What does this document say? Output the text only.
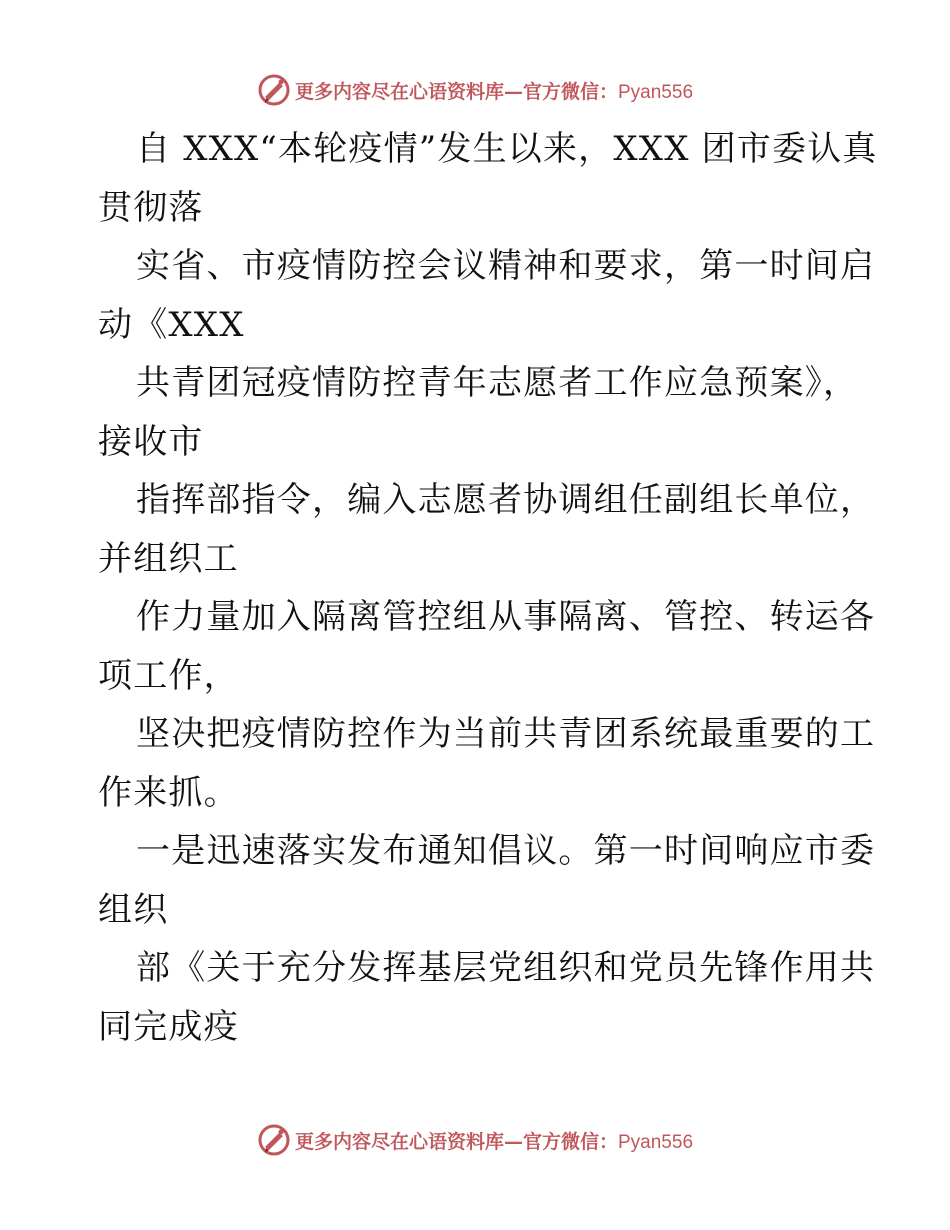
更多内容尽在心语资料库—官方微信：Pyan556
自 XXX“本轮疫情”发生以来，XXX 团市委认真
贯彻落
实省、市疫情防控会议精神和要求，第一时间启
动《XXX
共青团冠疫情防控青年志愿者工作应急预案》，
接收市
指挥部指令，编入志愿者协调组任副组长单位，
并组织工
作力量加入隔离管控组从事隔离、管控、转运各
项工作，
坚决把疫情防控作为当前共青团系统最重要的工
作来抓。
一是迅速落实发布通知倡议。第一时间响应市委
组织
部《关于充分发挥基层党组织和党员先锋作用共
同完成疫
更多内容尽在心语资料库—官方微信：Pyan556
